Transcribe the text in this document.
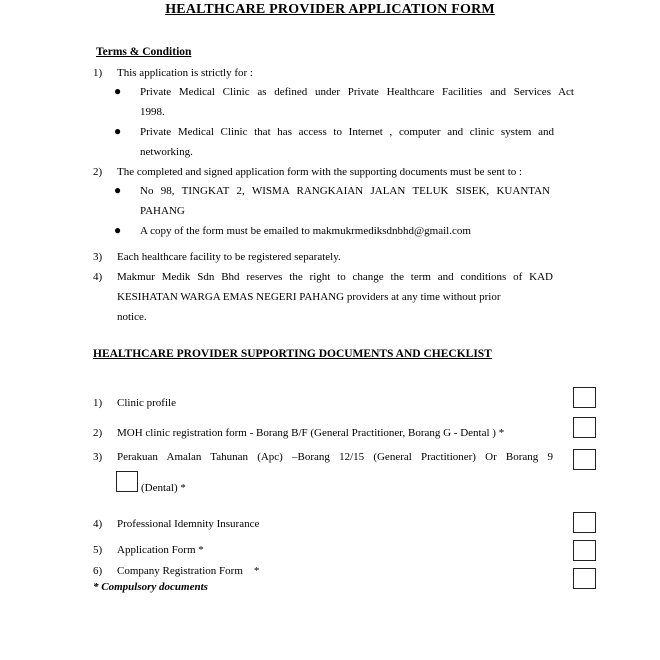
HEALTHCARE PROVIDER APPLICATION FORM
Terms & Condition
1) This application is strictly for :
● Private Medical Clinic as defined under Private Healthcare Facilities and Services Act
1998.
● Private Medical Clinic that has access to Internet , computer and clinic system and
networking.
2) The completed and signed application form with the supporting documents must be sent to :
● No 98, TINGKAT 2, WISMA RANGKAIAN JALAN TELUK SISEK, KUANTAN
PAHANG
● A copy of the form must be emailed to makmukrmediksdnbhd@gmail.com
3) Each healthcare facility to be registered separately.
4) Makmur Medik Sdn Bhd reserves the right to change the term and conditions of KAD
KESIHATAN WARGA EMAS NEGERI PAHANG providers at any time without prior
notice.
HEALTHCARE PROVIDER SUPPORTING DOCUMENTS AND CHECKLIST
1) Clinic profile
2) MOH clinic registration form - Borang B/F (General Practitioner, Borang G - Dental ) *
3) Perakuan Amalan Tahunan (Apc) –Borang 12/15 (General Practitioner) Or Borang 9
(Dental) *
4) Professional Idemnity Insurance
5) Application Form *
6) Company Registration Form    *
* Compulsory documents
